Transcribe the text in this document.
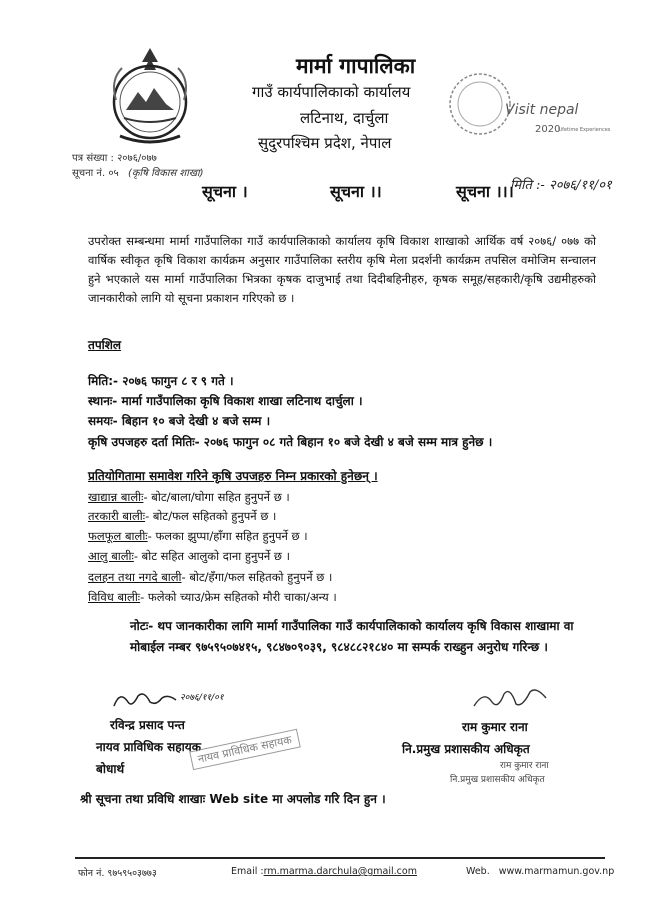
मार्मा गापालिका
गाउँ कार्यपालिकाको कार्यालय
लटिनाथ, दार्चुला
सुदुरपश्चिम प्रदेश, नेपाल
Visit nepal
2020
Lifetime Experiences
पत्र संख्या : २०७६/०७७
सूचना नं. ०५ (कृषि विकास शाखा)
मिति :- २०७६/११/०१
सूचना ।	सूचना ।।	सूचना ।।।
उपरोक्त सम्बन्धमा मार्मा गाउँपालिका गाउँ कार्यपालिकाको कार्यालय कृषि विकाश शाखाको आर्थिक वर्ष २०७६/ ०७७ को वार्षिक स्वीकृत कृषि विकाश कार्यक्रम अनुसार गाउँपालिका स्तरीय कृषि मेला प्रदर्शनी कार्यक्रम तपसिल वमोजिम सन्चालन हुने भएकाले यस मार्मा गाउँपालिका भित्रका कृषक दाजुभाई तथा दिदीबहिनीहरु, कृषक समूह/सहकारी/कृषि उद्यमीहरुको जानकारीको लागि यो सूचना प्रकाशन गरिएको छ ।
तपशिल
मिति:- २०७६ फागुन ८ र ९ गते ।
स्थानः- मार्मा गाउँपालिका कृषि विकाश शाखा लटिनाथ दार्चुला ।
समयः- बिहान १० बजे देखी ४ बजे सम्म ।
कृषि उपजहरु दर्ता मितिः- २०७६ फागुन ०८ गते बिहान १० बजे देखी ४ बजे सम्म मात्र हुनेछ ।
प्रतियोगितामा समावेश गरिने कृषि उपजहरु निम्न प्रकारको हुनेछन् ।
खाद्यान्न बालीः- बोट/बाला/घोगा सहित हुनुपर्ने छ ।
तरकारी बालीः- बोट/फल सहितको हुनुपर्ने छ ।
फलफूल बालीः- फलका झुप्पा/हाँगा सहित हुनुपर्ने छ ।
आलु बालीः- बोट सहित आलुको दाना हुनुपर्ने छ ।
दलहन तथा नगदे बाली- बोट/हँगा/फल सहितको हुनुपर्ने छ ।
विविध बालीः- फलेको च्याउ/फ्रेम सहितको मौरी चाका/अन्य ।
नोटः- थप जानकारीका लागि मार्मा गाउँपालिका गाउँ कार्यपालिकाको कार्यालय कृषि विकास शाखामा वा मोबाईल नम्बर ९७५९५०७४१५, ९८४७०९०३९, ९८४८८२१८४० मा सम्पर्क राख्हुन अनुरोध गरिन्छ ।
२०७६/११/०१
रविन्द्र प्रसाद पन्त
नायव प्राविधिक सहायक
नायव प्राविधिक सहायक
बोधार्थ
श्री सूचना तथा प्रविधि शाखाः Web site मा अपलोड गरि दिन हुन ।
राम कुमार राना
नि.प्रमुख प्रशासकीय अधिकृत
राम कुमार राना
नि.प्रमुख प्रशासकीय अधिकृत
फोन नं. ९७५९५०३७७३	Email :rm.marma.darchula@gmail.com	Web. www.marmamun.gov.np
